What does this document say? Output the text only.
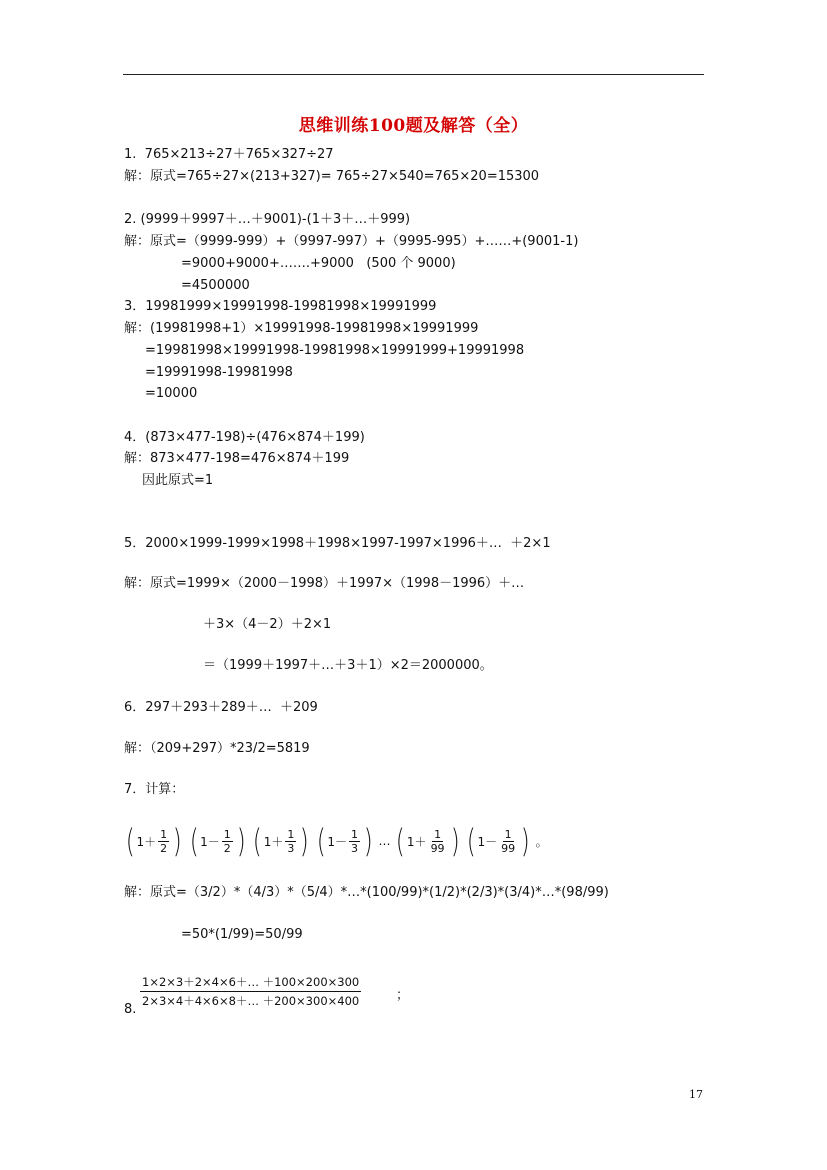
思维训练100题及解答（全）
1.  765×213÷27＋765×327÷27
解：原式=765÷27×(213+327)= 765÷27×540=765×20=15300
2. (9999＋9997＋…＋9001)-(1＋3＋…＋999)
解：原式=（9999-999）+（9997-997）+（9995-995）+……+(9001-1)
=9000+9000+…….+9000   (500 个 9000)
=4500000
3．19981999×19991998-19981998×19991999
解：(19981998+1）×19991998-19981998×19991999
=19981998×19991998-19981998×19991999+19991998
=19991998-19981998
=10000
4．(873×477-198)÷(476×874＋199)
解：873×477-198=476×874＋199
因此原式=1
5．2000×1999-1999×1998＋1998×1997-1997×1996＋…  ＋2×1
解：原式=1999×（2000－1998）＋1997×（1998－1996）＋…
＋3×（4－2）＋2×1
＝（1999＋1997＋…＋3＋1）×2＝2000000。
6．297＋293＋289＋…  ＋209
解：（209+297）*23/2=5819
7．计算：
( $1+ \frac{1}{2}$ ) ( $1- \frac{1}{2}$ ) ( $1+ \frac{1}{3}$ ) ( $1- \frac{1}{3}$ ) … ( $1+ \frac{1}{99}$ ) ( $1- \frac{1}{99}$ ) 。
解：原式=（3/2）*（4/3）*（5/4）*…*(100/99)*(1/2)*(2/3)*(3/4)*…*(98/99)
=50*(1/99)=50/99
8.
$\frac{1\times 2\times 3+2\times 4\times 6+\dots +100\times 200\times 300}{2\times 3\times 4+4\times 6\times 8+\dots +200\times 300\times 400}$	；
17
